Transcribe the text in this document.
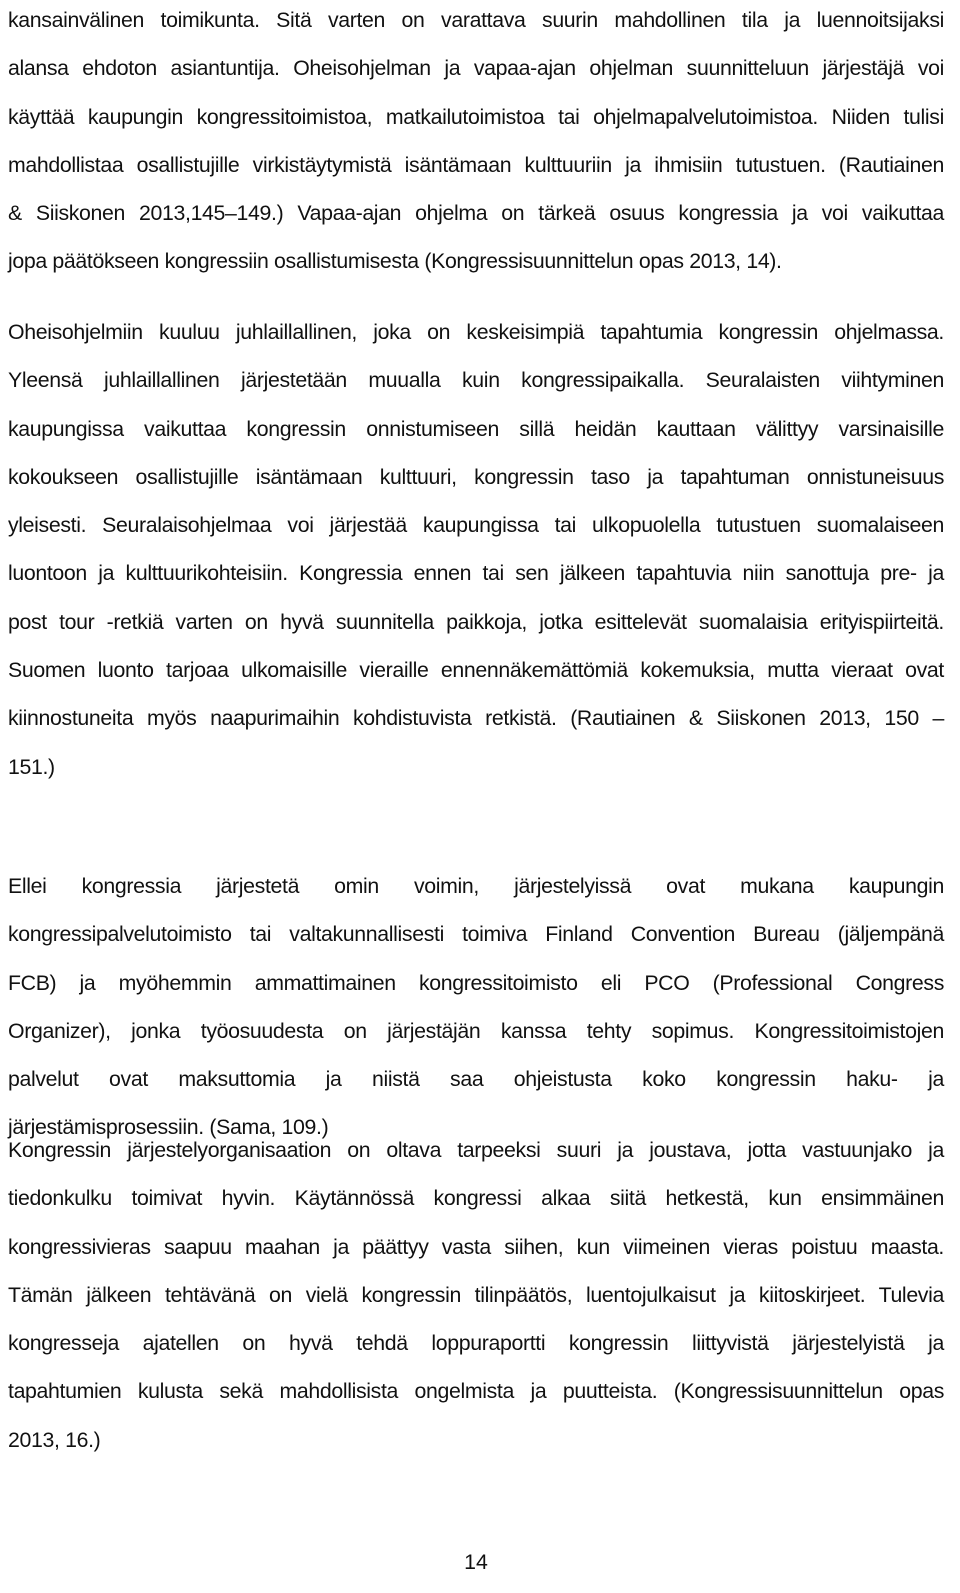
kansainvälinen toimikunta. Sitä varten on varattava suurin mahdollinen tila ja luennoitsijaksi

alansa ehdoton asiantuntija. Oheisohjelman ja vapaa-ajan ohjelman suunnitteluun järjestäjä voi

käyttää kaupungin kongressitoimistoa, matkailutoimistoa tai ohjelmapalvelutoimistoa. Niiden tulisi

mahdollistaa osallistujille virkistäytymistä isäntämaan kulttuuriin ja ihmisiin tutustuen. (Rautiainen

& Siiskonen 2013,145–149.) Vapaa-ajan ohjelma on tärkeä osuus kongressia ja voi vaikuttaa

jopa päätökseen kongressiin osallistumisesta (Kongressisuunnittelun opas 2013, 14).

Oheisohjelmiin kuuluu juhlaillallinen, joka on keskeisimpiä tapahtumia kongressin ohjelmassa.

Yleensä juhlaillallinen järjestetään muualla kuin kongressipaikalla. Seuralaisten viihtyminen

kaupungissa vaikuttaa kongressin onnistumiseen sillä heidän kauttaan välittyy varsinaisille

kokoukseen osallistujille isäntämaan kulttuuri, kongressin taso ja tapahtuman onnistuneisuus

yleisesti. Seuralaisohjelmaa voi järjestää kaupungissa tai ulkopuolella tutustuen suomalaiseen

luontoon ja kulttuurikohteisiin. Kongressia ennen tai sen jälkeen tapahtuvia niin sanottuja pre- ja

post tour -retkiä varten on hyvä suunnitella paikkoja, jotka esittelevät suomalaisia erityispiirteitä.

Suomen luonto tarjoaa ulkomaisille vieraille ennennäkemättömiä kokemuksia, mutta vieraat ovat

kiinnostuneita myös naapurimaihin kohdistuvista retkistä. (Rautiainen & Siiskonen 2013, 150 –

151.)

Ellei kongressia järjestetä omin voimin, järjestelyissä ovat mukana kaupungin

kongressipalvelutoimisto tai valtakunnallisesti toimiva Finland Convention Bureau (jäljempänä

FCB) ja myöhemmin ammattimainen kongressitoimisto eli PCO (Professional Congress

Organizer), jonka työosuudesta on järjestäjän kanssa tehty sopimus. Kongressitoimistojen

palvelut ovat maksuttomia ja niistä saa ohjeistusta koko kongressin haku- ja

järjestämisprosessiin. (Sama, 109.)

Kongressin järjestelyorganisaation on oltava tarpeeksi suuri ja joustava, jotta vastuunjako ja

tiedonkulku toimivat hyvin. Käytännössä kongressi alkaa siitä hetkestä, kun ensimmäinen

kongressivieras saapuu maahan ja päättyy vasta siihen, kun viimeinen vieras poistuu maasta.

Tämän jälkeen tehtävänä on vielä kongressin tilinpäätös, luentojulkaisut ja kiitoskirjeet. Tulevia

kongresseja ajatellen on hyvä tehdä loppuraportti kongressin liittyvistä järjestelyistä ja

tapahtumien kulusta sekä mahdollisista ongelmista ja puutteista. (Kongressisuunnittelun opas

2013, 16.)

14
